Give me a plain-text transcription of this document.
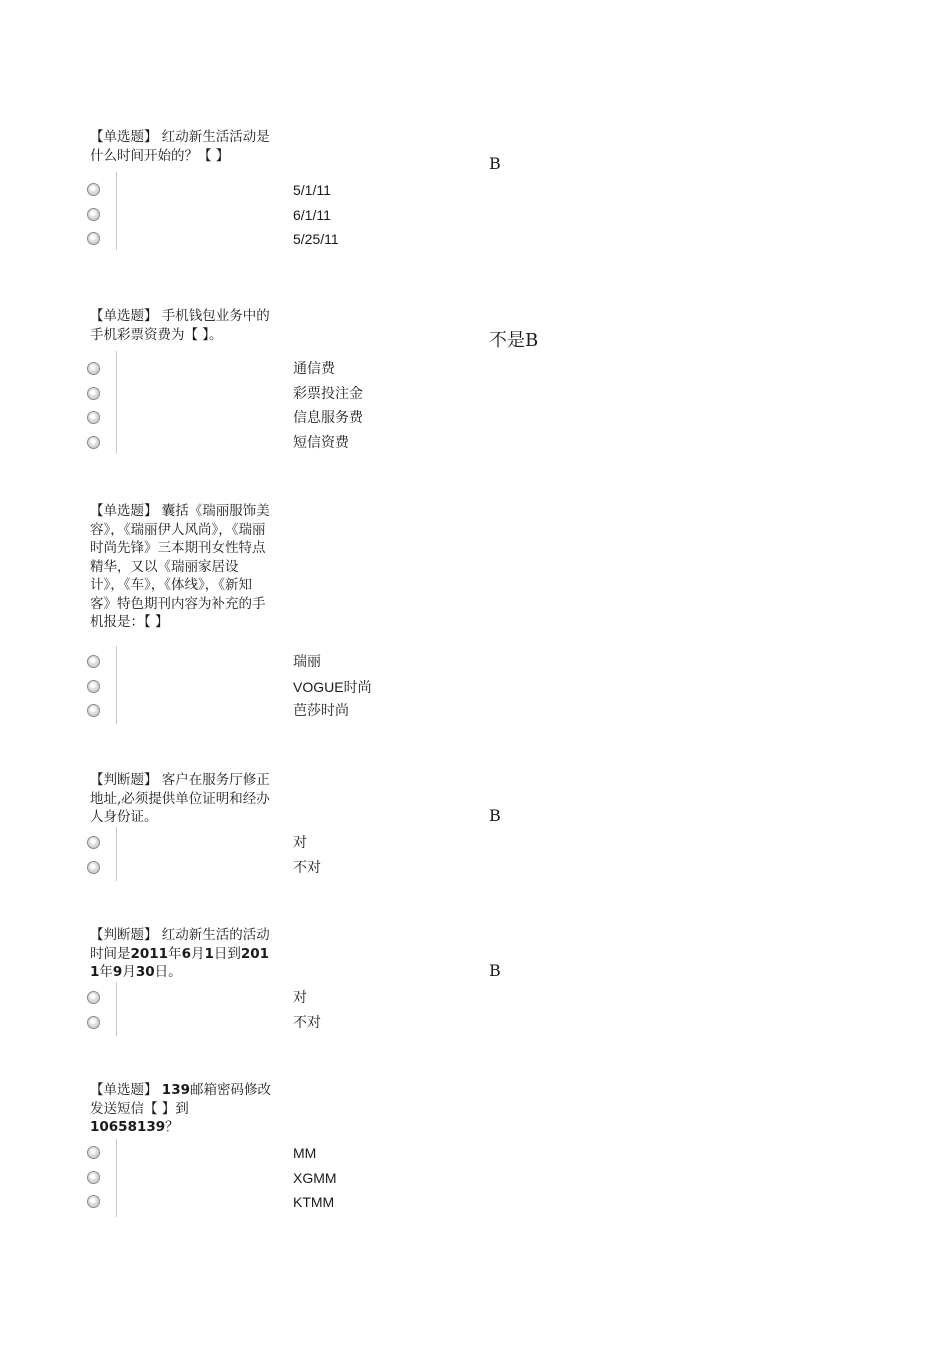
【单选题】 红动新生活活动是什么时间开始的？【 】	B
5/1/11
6/1/11
5/25/11
【单选题】 手机钱包业务中的手机彩票资费为【 】。	不是B
通信费
彩票投注金
信息服务费
短信资费
【单选题】 囊括《瑞丽服饰美容》，《瑞丽伊人风尚》，《瑞丽时尚先锋》三本期刊女性特点精华，又以《瑞丽家居设计》，《车》，《体线》，《新知客》特色期刊内容为补充的手机报是：【 】
瑞丽
VOGUE时尚
芭莎时尚
【判断题】 客户在服务厅修正地址,必须提供单位证明和经办人身份证。	B
对
不对
【判断题】 红动新生活的活动时间是2011年6月1日到2011年9月30日。	B
对
不对
【单选题】 139邮箱密码修改发送短信【 】到
10658139？
MM
XGMM
KTMM
